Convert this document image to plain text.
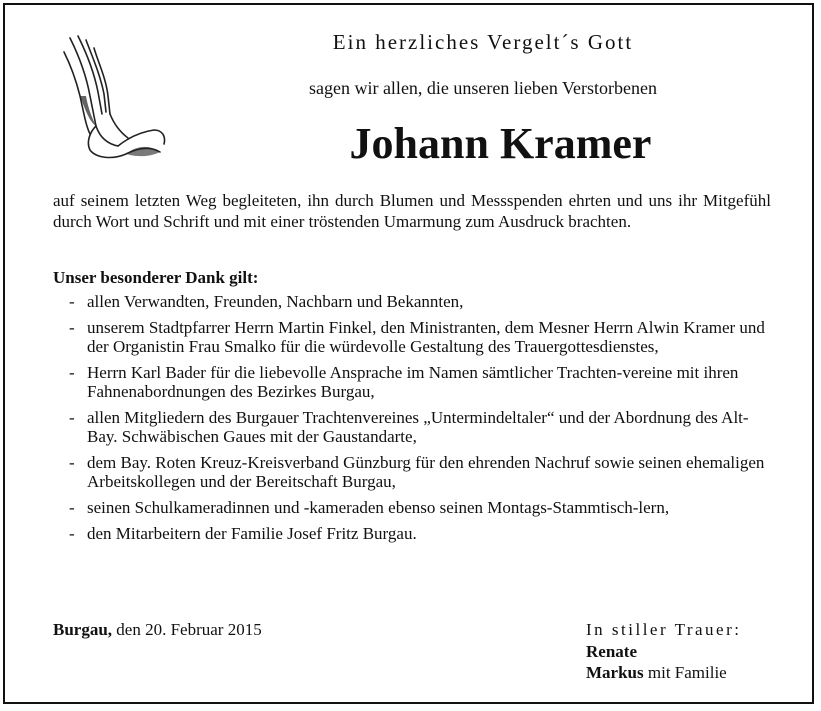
Ein herzliches Vergelt´s Gott
sagen wir allen, die unseren lieben Verstorbenen
Johann Kramer
auf seinem letzten Weg begleiteten, ihn durch Blumen und Messspenden ehrten und uns ihr Mitgefühl durch Wort und Schrift und mit einer tröstenden Umarmung zum Ausdruck brachten.
Unser besonderer Dank gilt:
- allen Verwandten, Freunden, Nachbarn und Bekannten,
- unserem Stadtpfarrer Herrn Martin Finkel, den Ministranten, dem Mesner Herrn Alwin Kramer und der Organistin Frau Smalko für die würdevolle Gestaltung des Trauergottesdienstes,
- Herrn Karl Bader für die liebevolle Ansprache im Namen sämtlicher Trachten-vereine mit ihren Fahnenabordnungen des Bezirkes Burgau,
- allen Mitgliedern des Burgauer Trachtenvereines „Untermindeltaler“ und der Abordnung des Alt-Bay. Schwäbischen Gaues mit der Gaustandarte,
- dem Bay. Roten Kreuz-Kreisverband Günzburg für den ehrenden Nachruf sowie seinen ehemaligen Arbeitskollegen und der Bereitschaft Burgau,
- seinen Schulkameradinnen und -kameraden ebenso seinen Montags-Stammtisch-lern,
- den Mitarbeitern der Familie Josef Fritz Burgau.
Burgau, den 20. Februar 2015	In stiller Trauer:
Renate
Markus mit Familie
